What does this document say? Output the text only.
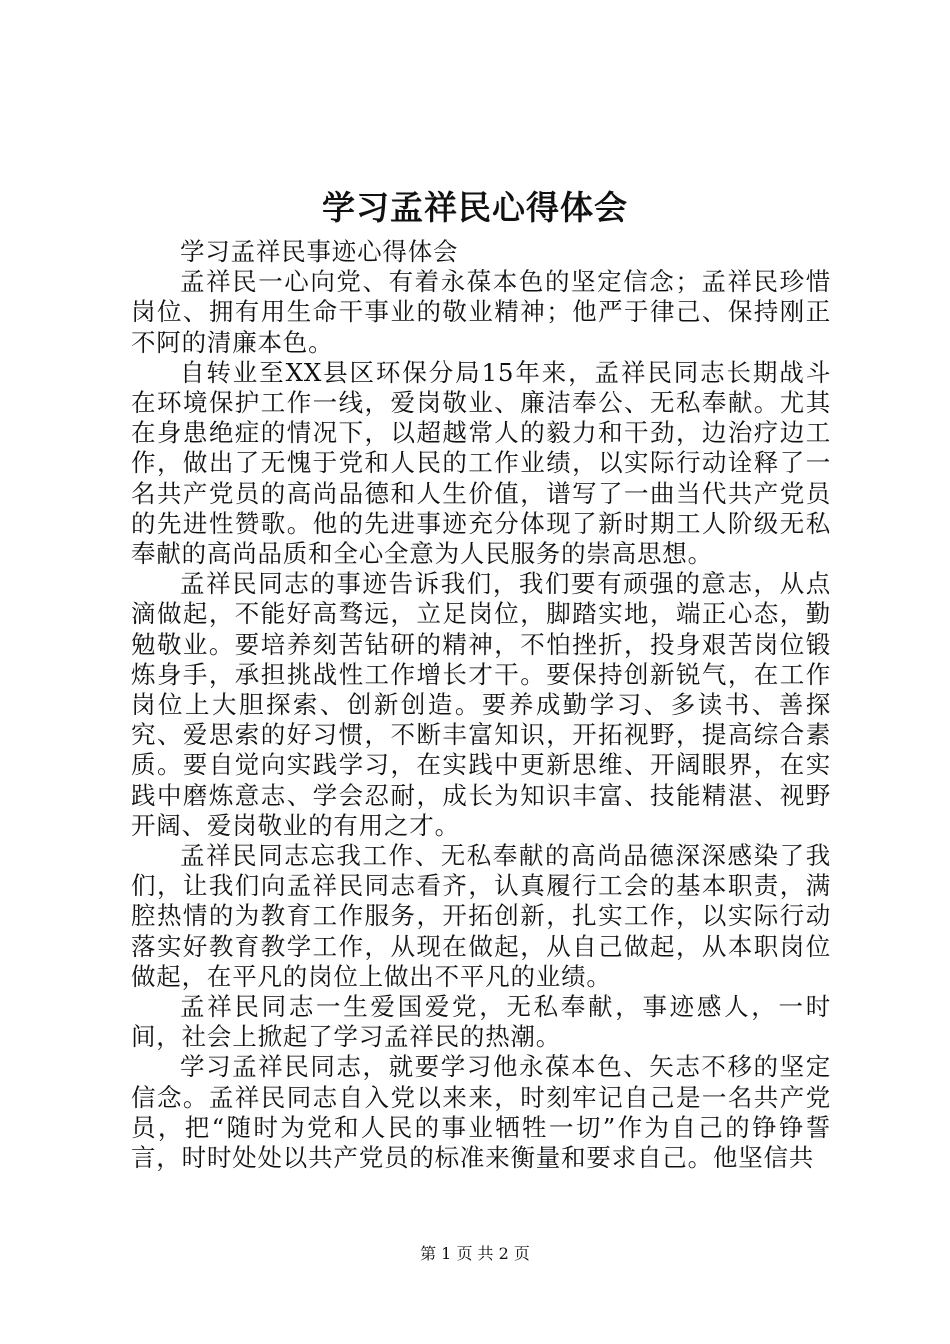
学习孟祥民心得体会

学习孟祥民事迹心得体会

孟祥民一心向党、有着永葆本色的坚定信念；孟祥民珍惜岗位、拥有用生命干事业的敬业精神；他严于律己、保持刚正不阿的清廉本色。

自转业至XX县区环保分局15年来，孟祥民同志长期战斗在环境保护工作一线，爱岗敬业、廉洁奉公、无私奉献。尤其在身患绝症的情况下，以超越常人的毅力和干劲，边治疗边工作，做出了无愧于党和人民的工作业绩，以实际行动诠释了一名共产党员的高尚品德和人生价值，谱写了一曲当代共产党员的先进性赞歌。他的先进事迹充分体现了新时期工人阶级无私奉献的高尚品质和全心全意为人民服务的崇高思想。

孟祥民同志的事迹告诉我们，我们要有顽强的意志，从点滴做起，不能好高骛远，立足岗位，脚踏实地，端正心态，勤勉敬业。要培养刻苦钻研的精神，不怕挫折，投身艰苦岗位锻炼身手，承担挑战性工作增长才干。要保持创新锐气，在工作岗位上大胆探索、创新创造。要养成勤学习、多读书、善探究、爱思索的好习惯，不断丰富知识，开拓视野，提高综合素质。要自觉向实践学习，在实践中更新思维、开阔眼界，在实践中磨炼意志、学会忍耐，成长为知识丰富、技能精湛、视野开阔、爱岗敬业的有用之才。

孟祥民同志忘我工作、无私奉献的高尚品德深深感染了我们，让我们向孟祥民同志看齐，认真履行工会的基本职责，满腔热情的为教育工作服务，开拓创新，扎实工作，以实际行动落实好教育教学工作，从现在做起，从自己做起，从本职岗位做起，在平凡的岗位上做出不平凡的业绩。

孟祥民同志一生爱国爱党，无私奉献，事迹感人，一时间，社会上掀起了学习孟祥民的热潮。

学习孟祥民同志，就要学习他永葆本色、矢志不移的坚定信念。孟祥民同志自入党以来来，时刻牢记自己是一名共产党员，把“随时为党和人民的事业牺牲一切”作为自己的铮铮誓言，时时处处以共产党员的标准来衡量和要求自己。他坚信共

第 1 页 共 2 页
